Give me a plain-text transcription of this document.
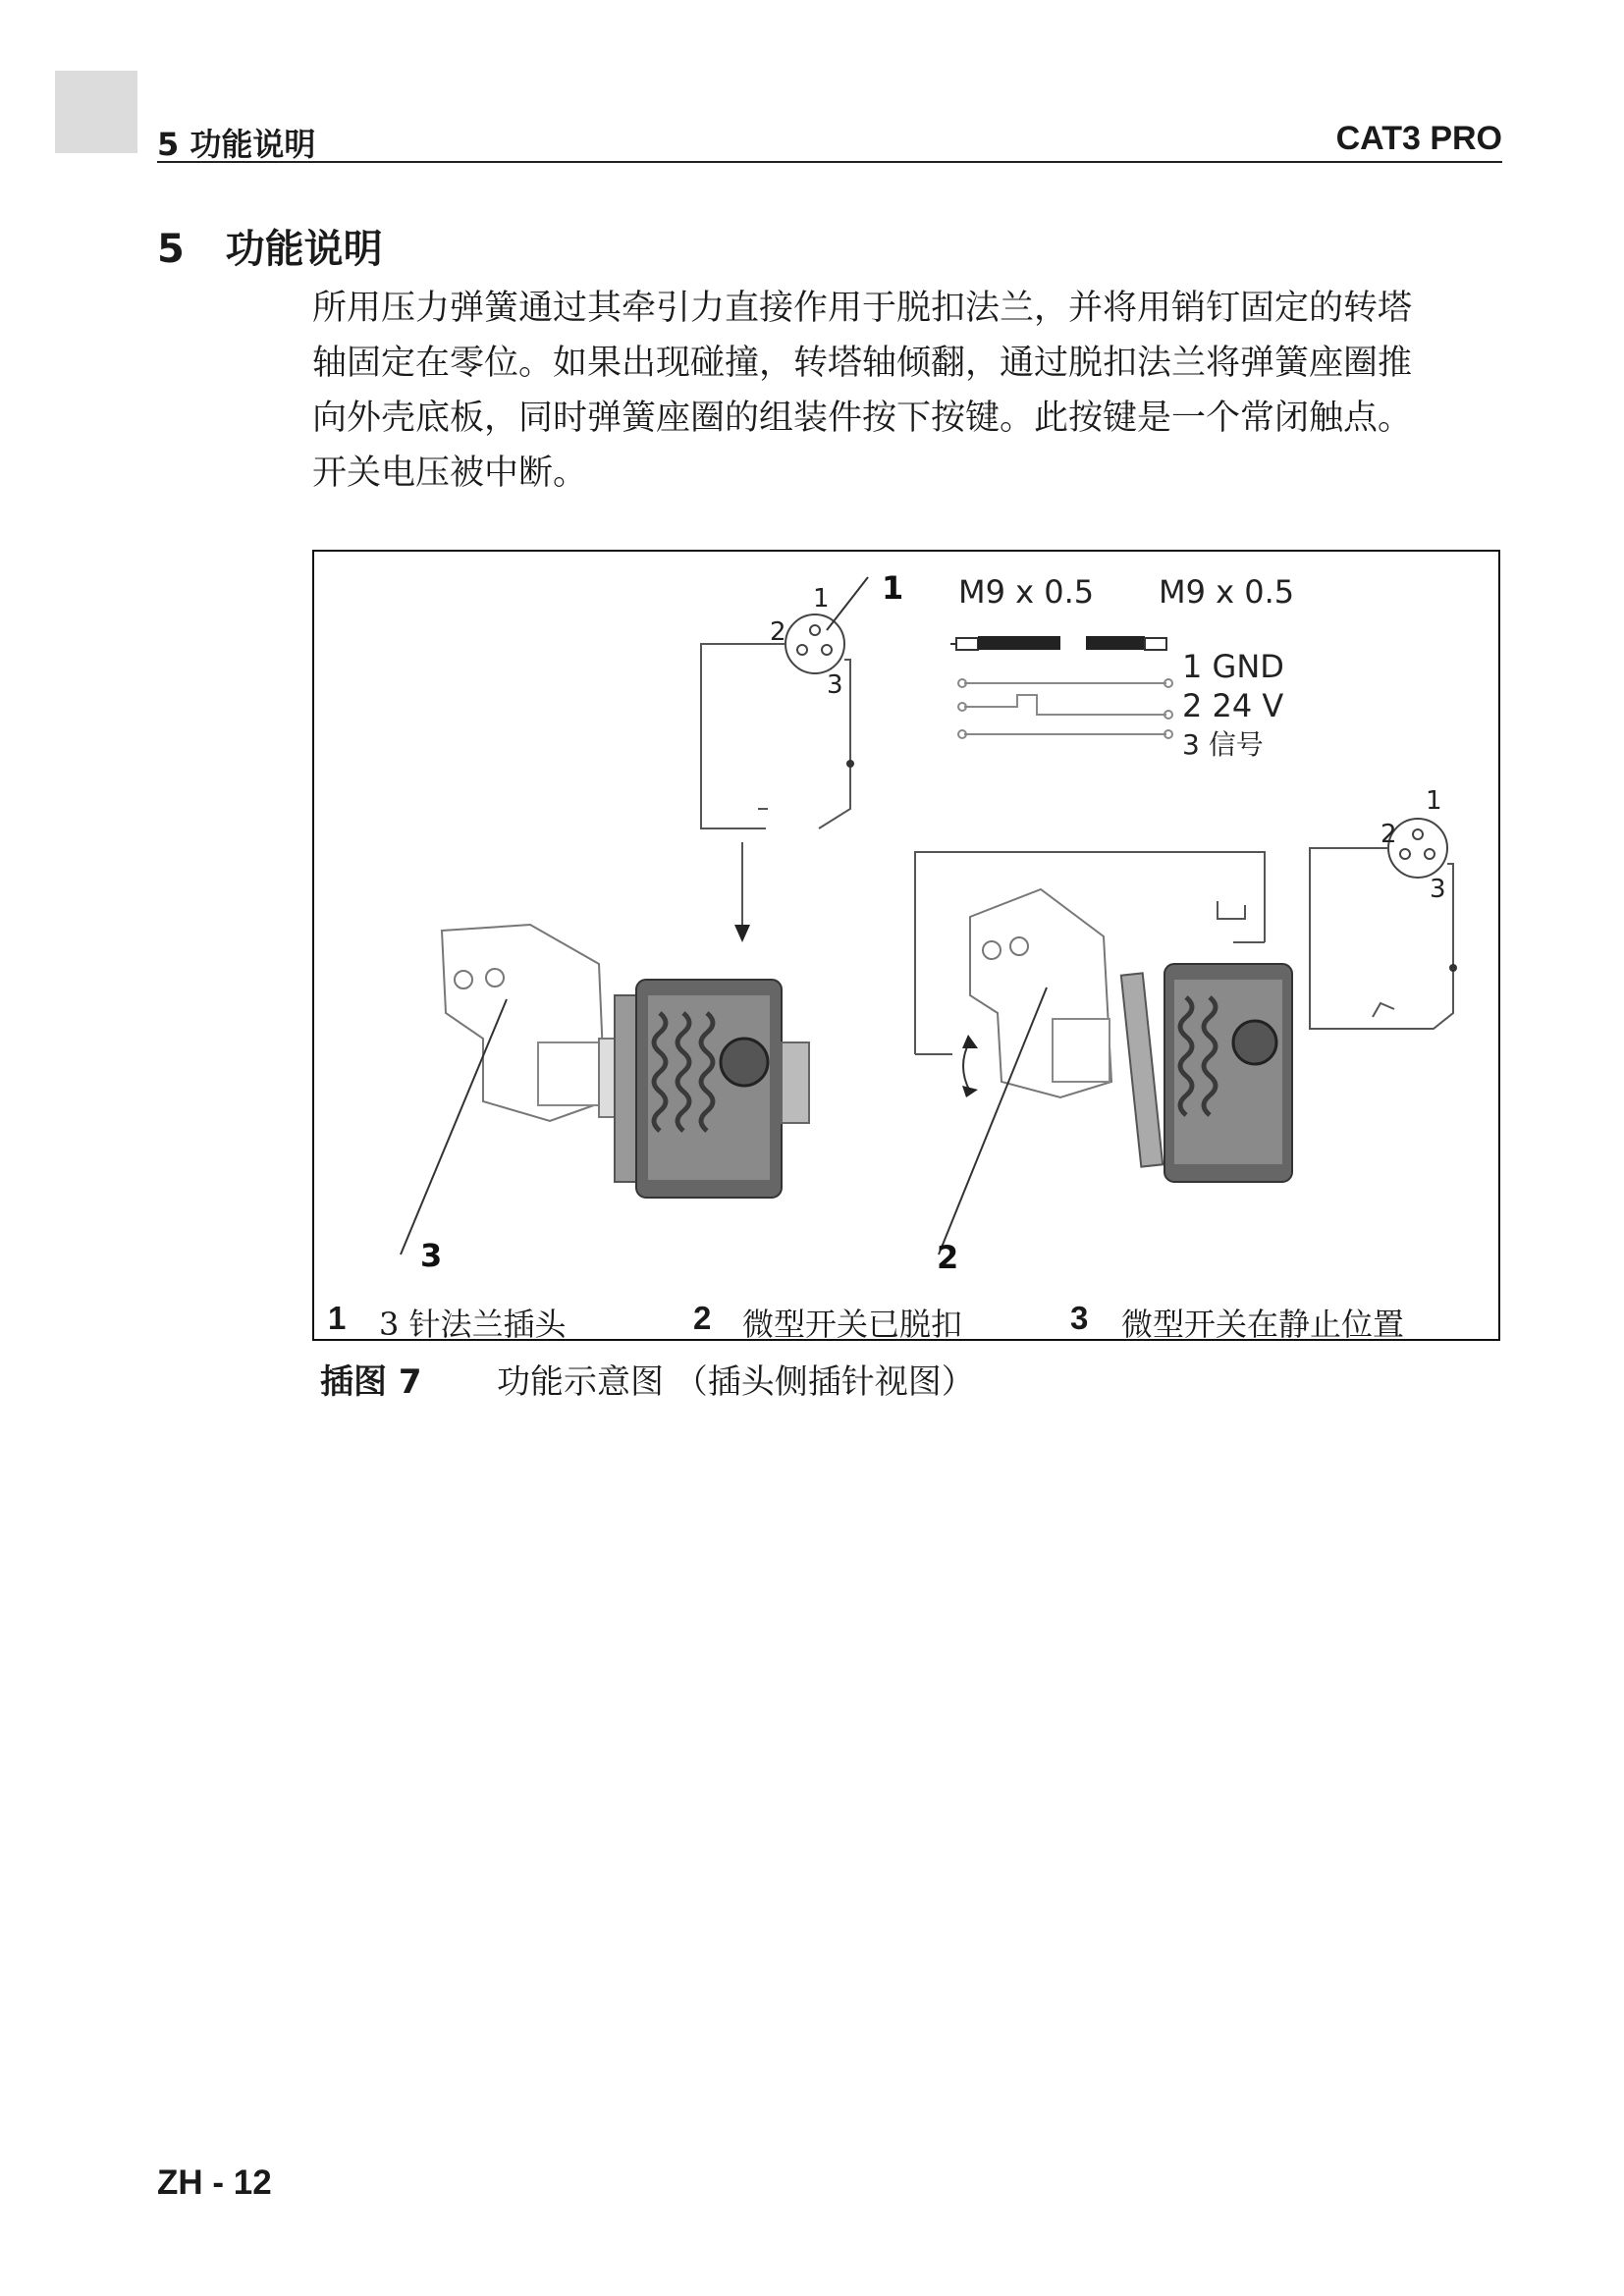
5 功能说明	CAT3 PRO
5   功能说明
所用压力弹簧通过其牵引力直接作用于脱扣法兰，并将用销钉固定的转塔
轴固定在零位。如果出现碰撞，转塔轴倾翻，通过脱扣法兰将弹簧座圈推
向外壳底板，同时弹簧座圈的组装件按下按键。此按键是一个常闭触点。
开关电压被中断。
1
2
3
1 M9 x 0.5 M9 x 0.5
1 GND
2 24 V
3 信号
1
2
3
3	2
1 3 针法兰插头	2 微型开关已脱扣	3 微型开关在静止位置
插图 7 功能示意图 （插头侧插针视图）
ZH - 12
